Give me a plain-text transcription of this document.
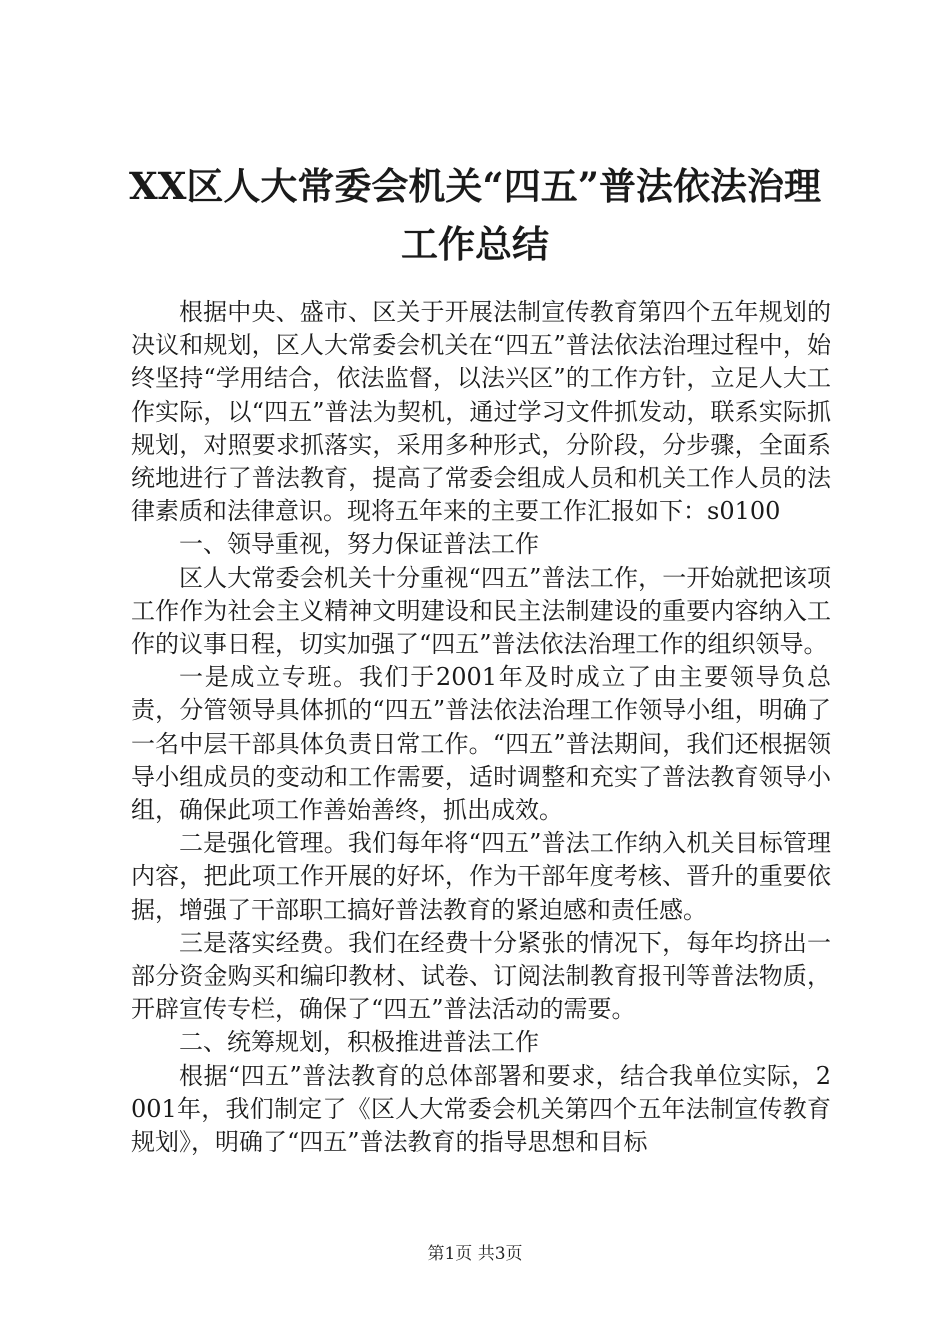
XX区人大常委会机关“四五”普法依法治理
工作总结

根据中央、盛市、区关于开展法制宣传教育第四个五年规划的决议和规划，区人大常委会机关在“四五”普法依法治理过程中，始终坚持“学用结合，依法监督，以法兴区”的工作方针，立足人大工作实际，以“四五”普法为契机，通过学习文件抓发动，联系实际抓规划，对照要求抓落实，采用多种形式，分阶段，分步骤，全面系统地进行了普法教育，提高了常委会组成人员和机关工作人员的法律素质和法律意识。现将五年来的主要工作汇报如下：s0100

一、领导重视，努力保证普法工作

区人大常委会机关十分重视“四五”普法工作，一开始就把该项工作作为社会主义精神文明建设和民主法制建设的重要内容纳入工作的议事日程，切实加强了“四五”普法依法治理工作的组织领导。

一是成立专班。我们于2001年及时成立了由主要领导负总责，分管领导具体抓的“四五”普法依法治理工作领导小组，明确了一名中层干部具体负责日常工作。“四五”普法期间，我们还根据领导小组成员的变动和工作需要，适时调整和充实了普法教育领导小组，确保此项工作善始善终，抓出成效。

二是强化管理。我们每年将“四五”普法工作纳入机关目标管理内容，把此项工作开展的好坏，作为干部年度考核、晋升的重要依据，增强了干部职工搞好普法教育的紧迫感和责任感。

三是落实经费。我们在经费十分紧张的情况下，每年均挤出一部分资金购买和编印教材、试卷、订阅法制教育报刊等普法物质，开辟宣传专栏，确保了“四五”普法活动的需要。

二、统筹规划，积极推进普法工作

根据“四五”普法教育的总体部署和要求，结合我单位实际，2001年，我们制定了《区人大常委会机关第四个五年法制宣传教育规划》，明确了“四五”普法教育的指导思想和目标

第1页 共3页
